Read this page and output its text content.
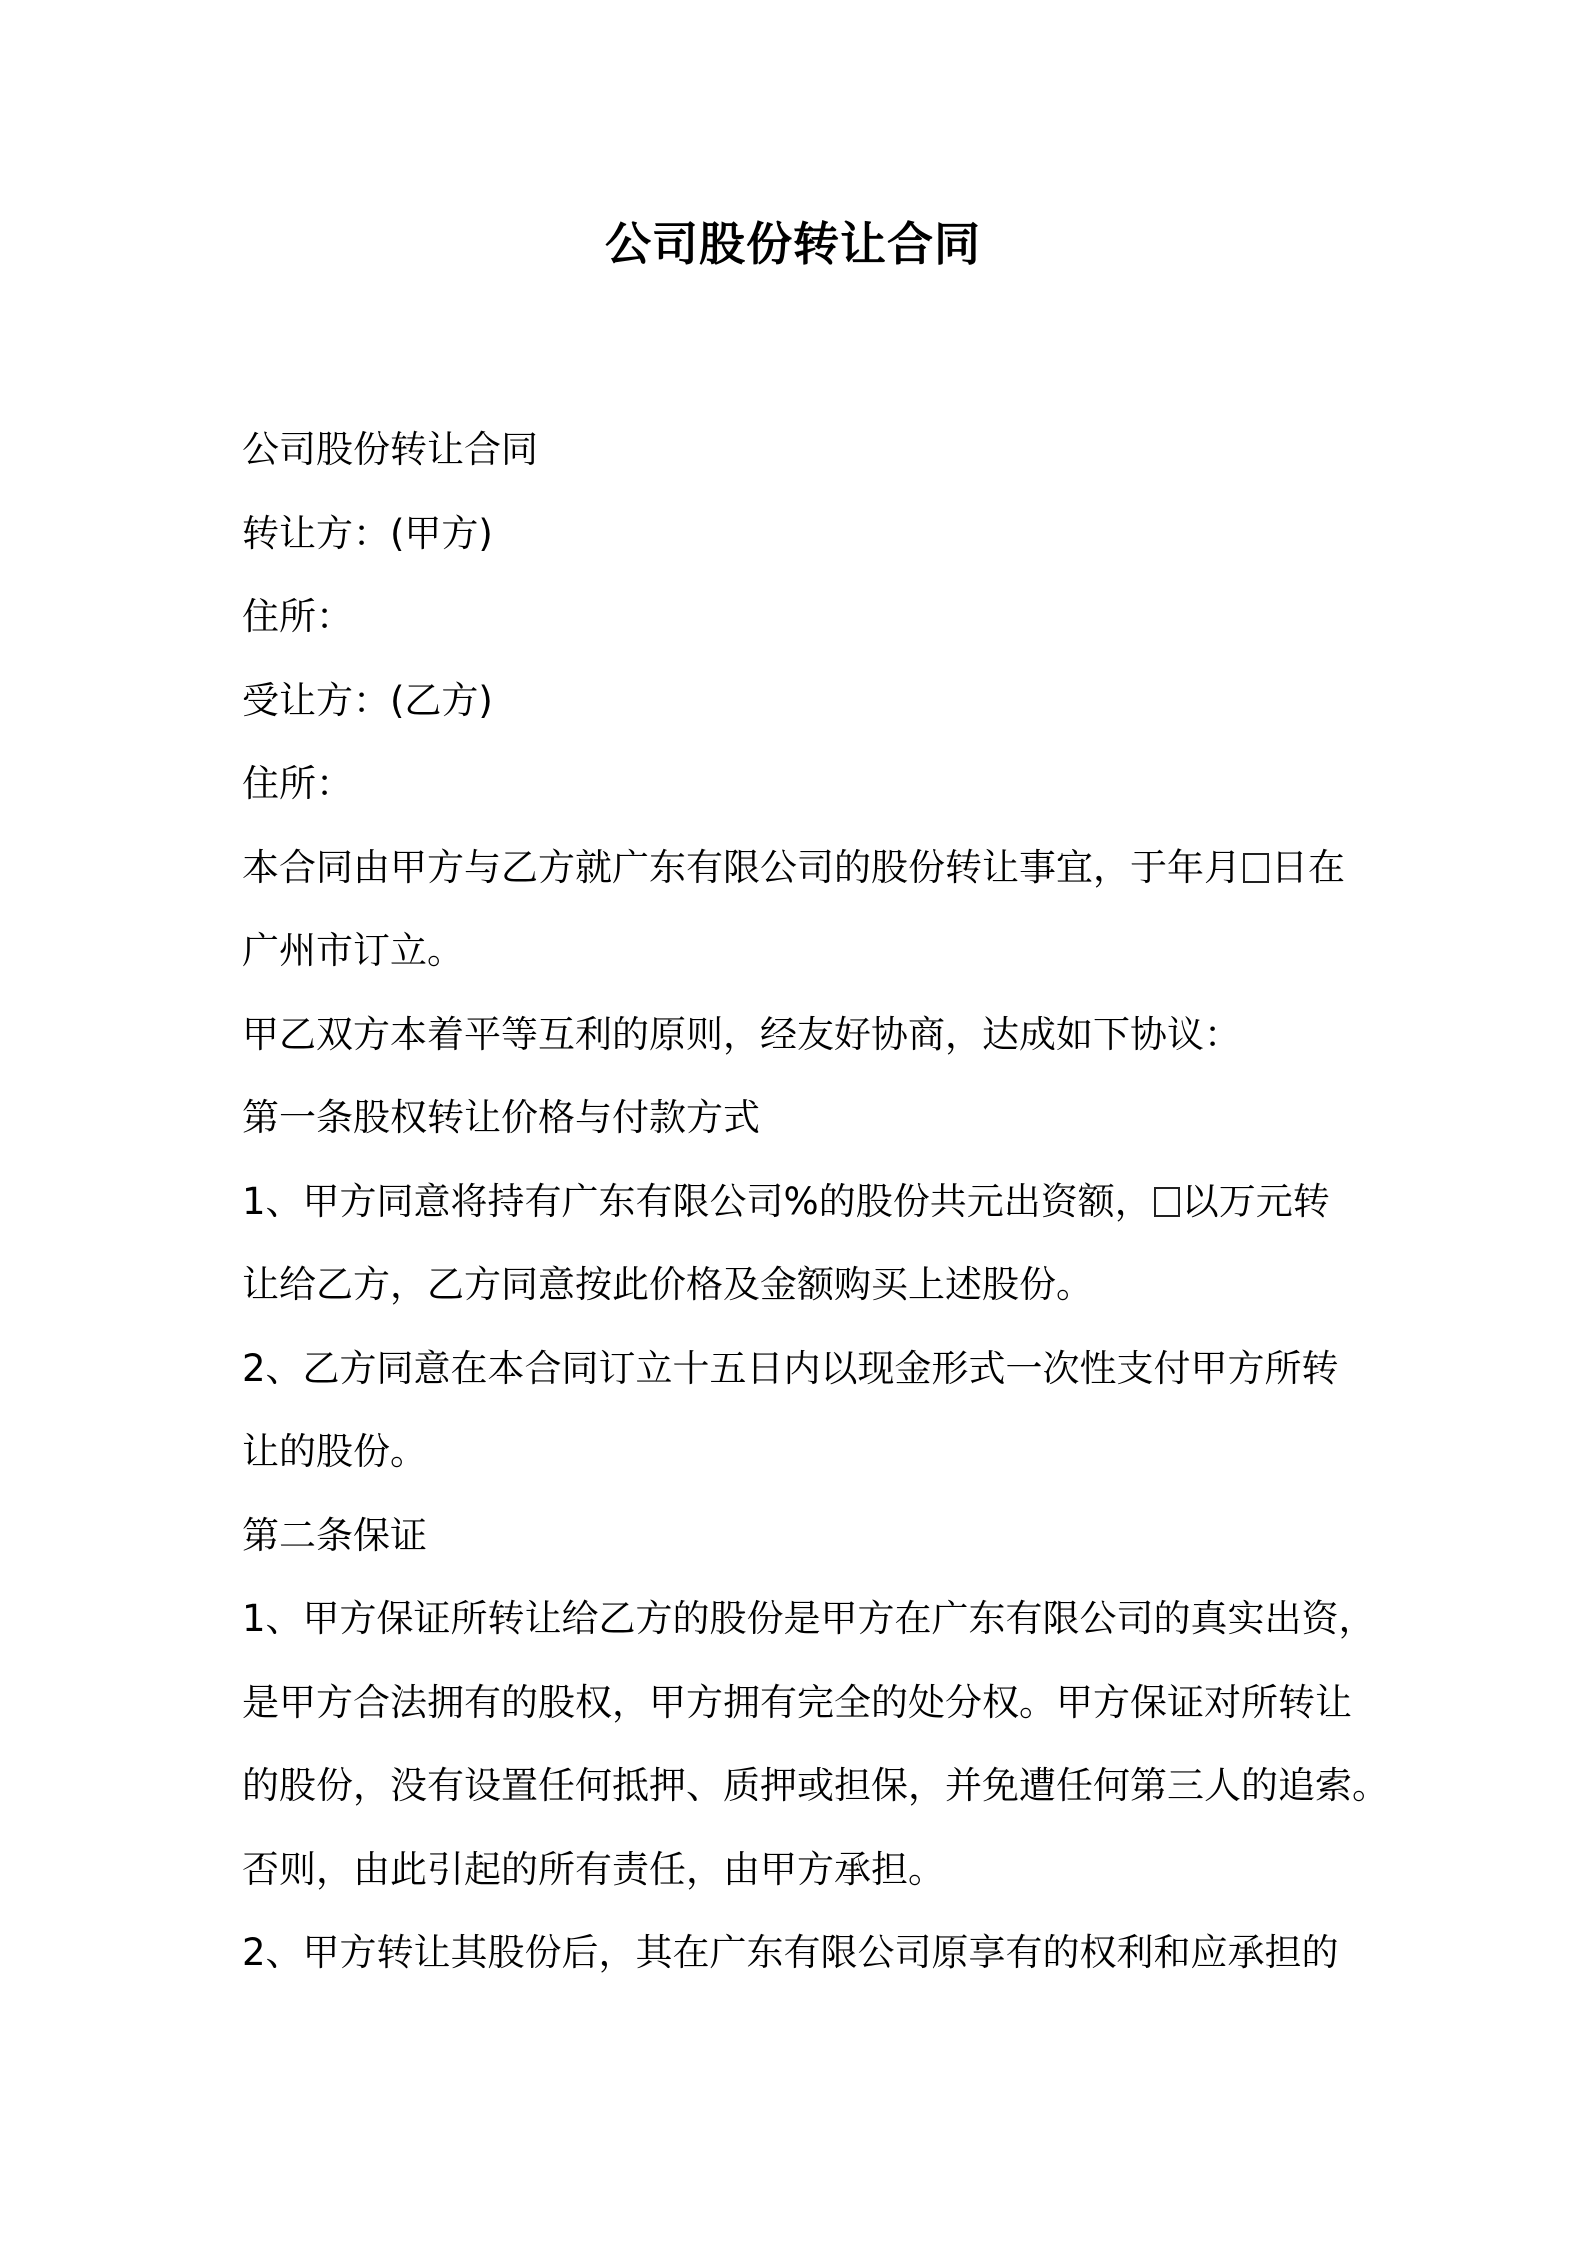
公司股份转让合同
公司股份转让合同
转让方：(甲方)
住所：
受让方：(乙方)
住所：
本合同由甲方与乙方就广东有限公司的股份转让事宜，于年月 日在
广州市订立。
甲乙双方本着平等互利的原则，经友好协商，达成如下协议：
第一条股权转让价格与付款方式
1、甲方同意将持有广东有限公司%的股份共元出资额， 以万元转
让给乙方，乙方同意按此价格及金额购买上述股份。
2、乙方同意在本合同订立十五日内以现金形式一次性支付甲方所转
让的股份。
第二条保证
1、甲方保证所转让给乙方的股份是甲方在广东有限公司的真实出资，
是甲方合法拥有的股权，甲方拥有完全的处分权。甲方保证对所转让
的股份，没有设置任何抵押、质押或担保，并免遭任何第三人的追索。
否则，由此引起的所有责任，由甲方承担。
2、甲方转让其股份后，其在广东有限公司原享有的权利和应承担的
